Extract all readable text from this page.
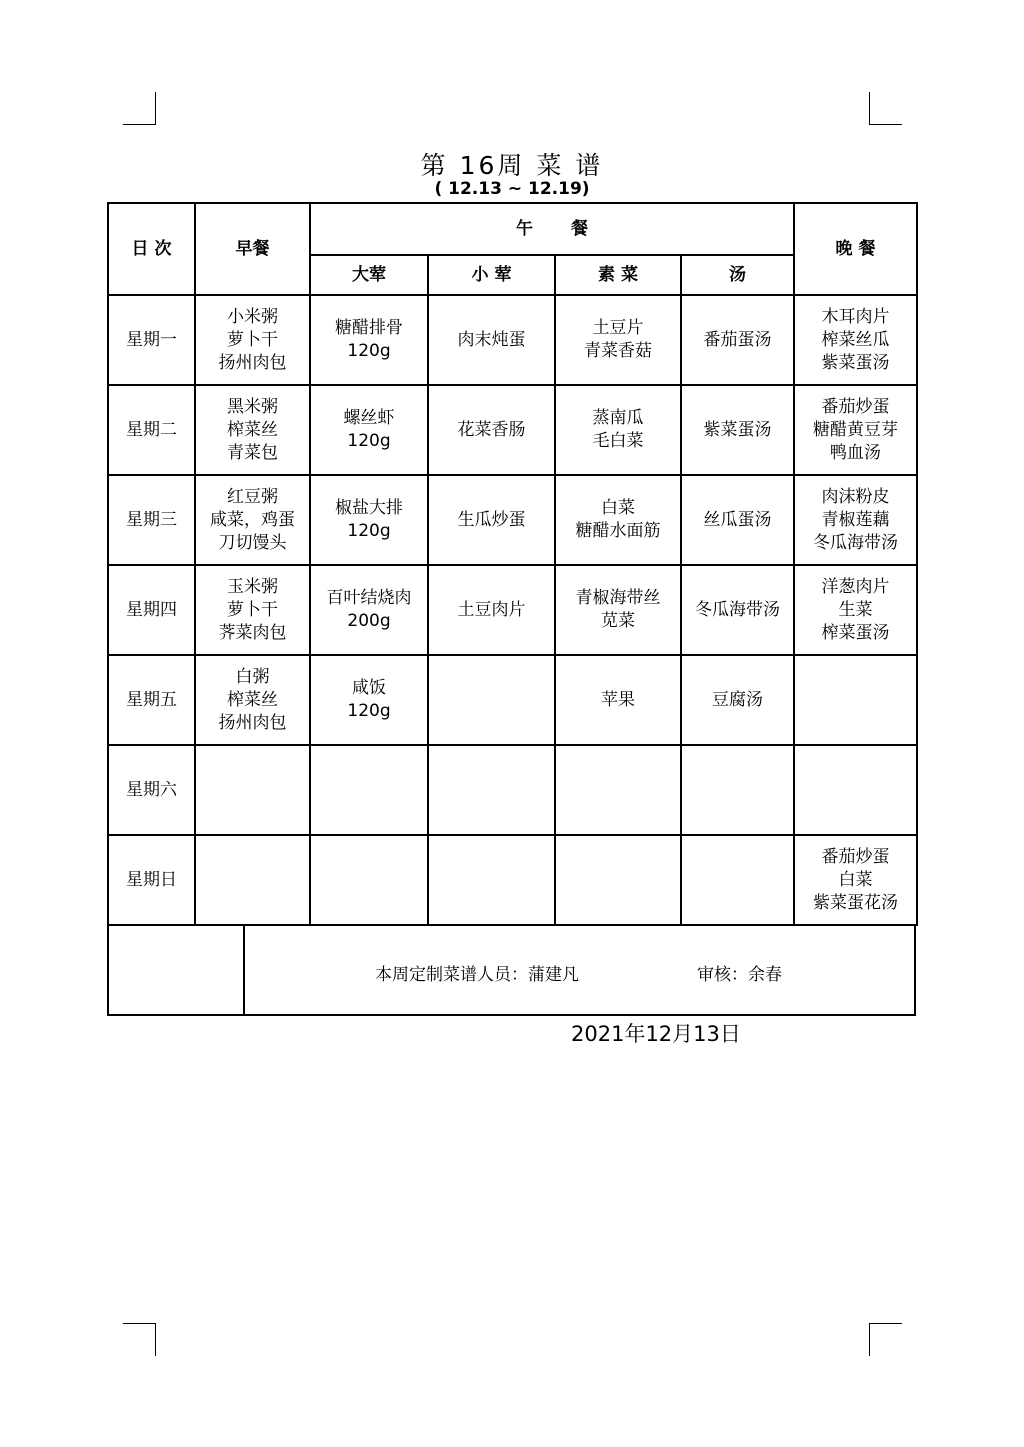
第 16周 菜 谱
( 12.13 ~ 12.19)
日 次	早餐	午餐				晚 餐
		大荤	小 荤	素 菜	汤	
星期一	小米粥
萝卜干
扬州肉包	糖醋排骨
120g	肉末炖蛋	土豆片
青菜香菇	番茄蛋汤	木耳肉片
榨菜丝瓜
紫菜蛋汤

星期二	黑米粥
榨菜丝
青菜包	螺丝虾
120g	花菜香肠	蒸南瓜
毛白菜	紫菜蛋汤	番茄炒蛋
糖醋黄豆芽
鸭血汤

星期三	红豆粥
咸菜，鸡蛋
刀切馒头	椒盐大排
120g	生瓜炒蛋	白菜
糖醋水面筋	丝瓜蛋汤	肉沫粉皮
青椒莲藕
冬瓜海带汤

星期四	玉米粥
萝卜干
荠菜肉包	百叶结烧肉
200g	土豆肉片	青椒海带丝
苋菜	冬瓜海带汤	洋葱肉片
生菜
榨菜蛋汤

星期五	白粥
榨菜丝
扬州肉包	咸饭
120g		苹果	豆腐汤	

星期六						
星期日						番茄炒蛋
白菜
紫菜蛋花汤
本周定制菜谱人员：蒲建凡	审核：余春
2021年12月13日
